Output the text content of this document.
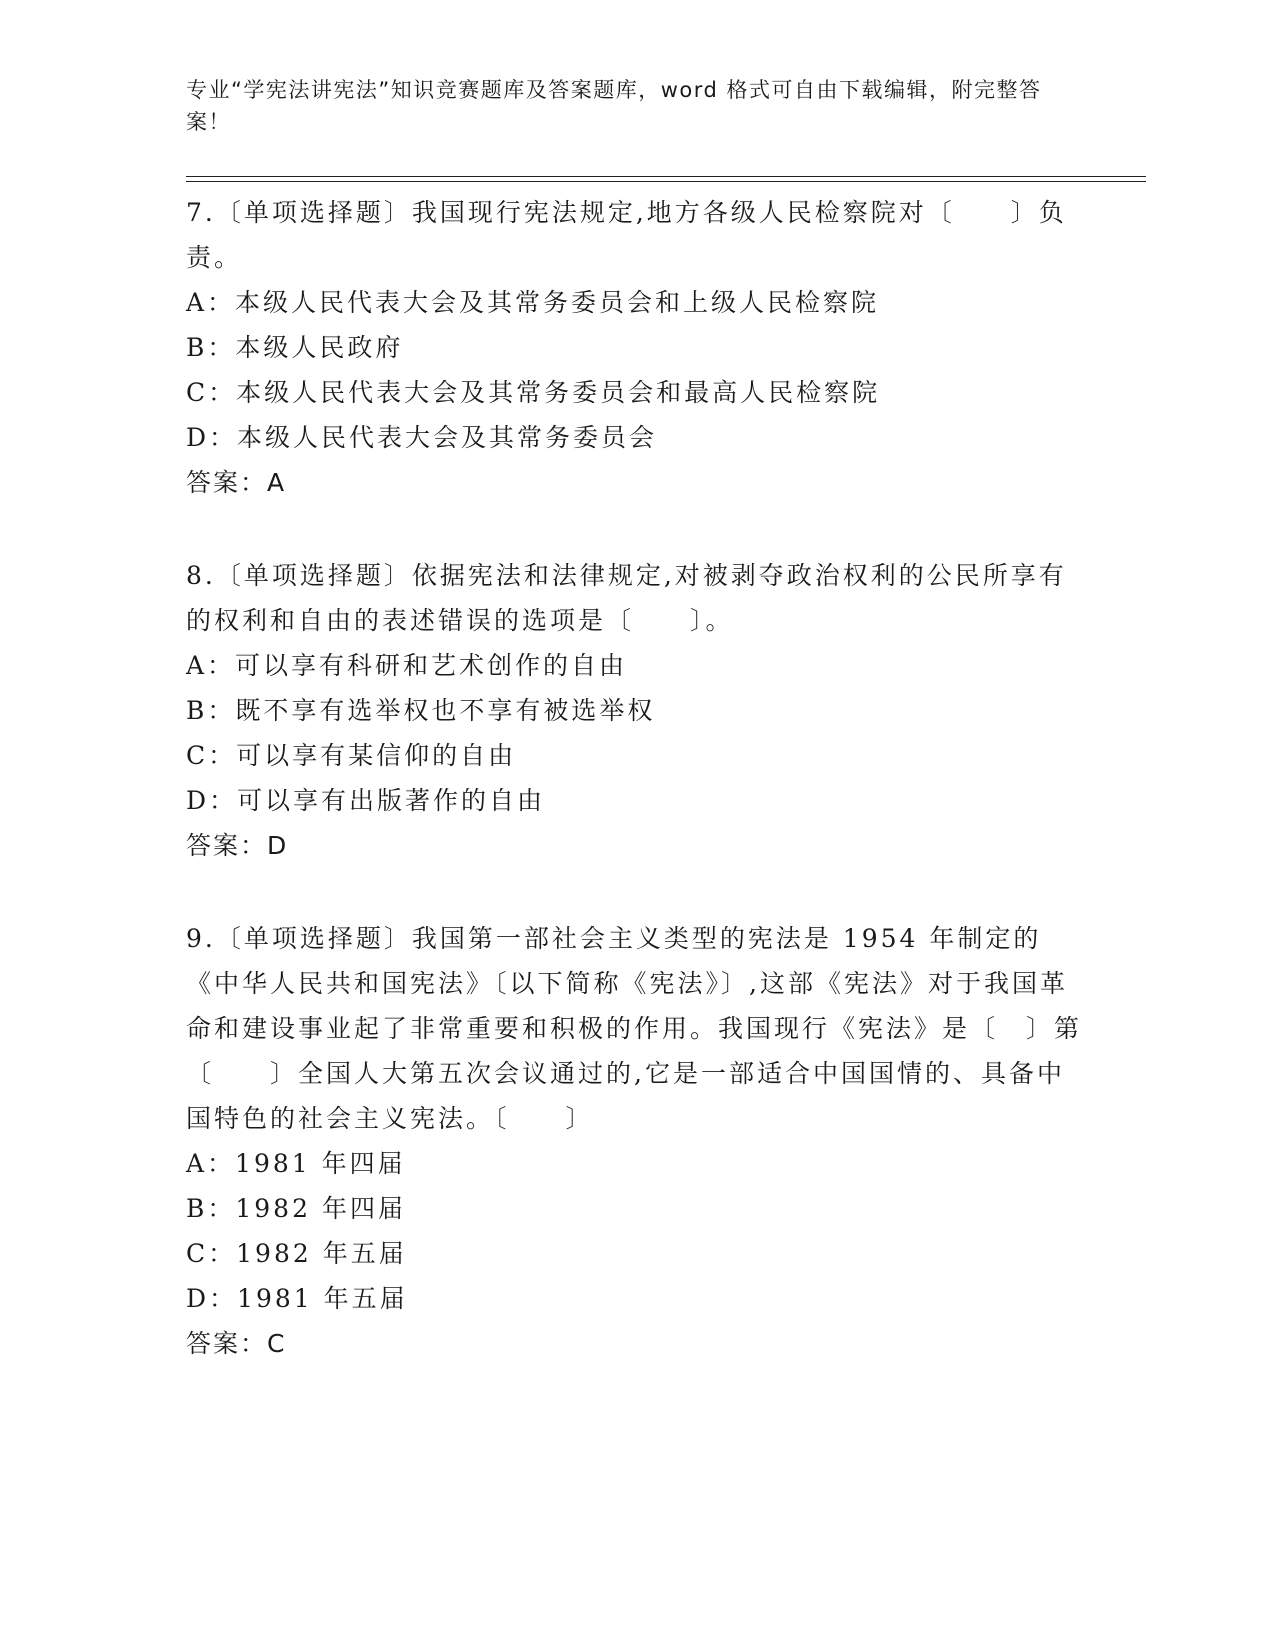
专业“学宪法讲宪法”知识竞赛题库及答案题库，word 格式可自由下载编辑，附完整答案！

7.〔单项选择题〕我国现行宪法规定,地方各级人民检察院对〔　　〕负责。

A：本级人民代表大会及其常务委员会和上级人民检察院

B：本级人民政府

C：本级人民代表大会及其常务委员会和最高人民检察院

D：本级人民代表大会及其常务委员会

答案：A

8.〔单项选择题〕依据宪法和法律规定,对被剥夺政治权利的公民所享有的权利和自由的表述错误的选项是〔　　〕。

A：可以享有科研和艺术创作的自由

B：既不享有选举权也不享有被选举权

C：可以享有某信仰的自由

D：可以享有出版著作的自由

答案：D

9.〔单项选择题〕我国第一部社会主义类型的宪法是 1954 年制定的《中华人民共和国宪法》〔以下简称《宪法》〕,这部《宪法》对于我国革命和建设事业起了非常重要和积极的作用。我国现行《宪法》是〔　〕第〔　　〕全国人大第五次会议通过的,它是一部适合中国国情的、具备中国特色的社会主义宪法。〔　　〕

A：1981 年四届

B：1982 年四届

C：1982 年五届

D：1981 年五届

答案：C
